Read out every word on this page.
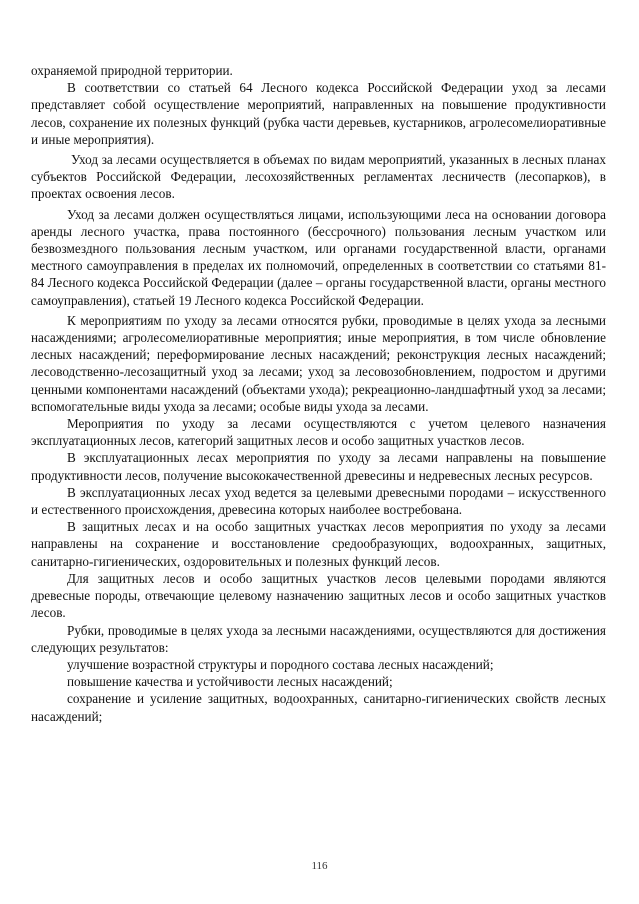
охраняемой природной территории.

В соответствии со статьей 64 Лесного кодекса Российской Федерации уход за лесами представляет собой осуществление мероприятий, направленных на повышение продуктивности лесов, сохранение их полезных функций (рубка части деревьев, кустарников, агролесомелиоративные и иные мероприятия).

Уход за лесами осуществляется в объемах по видам мероприятий, указанных в лесных планах субъектов Российской Федерации, лесохозяйственных регламентах лесничеств (лесопарков), в проектах освоения лесов.

Уход за лесами должен осуществляться лицами, использующими леса на основании договора аренды лесного участка, права постоянного (бессрочного) пользования лесным участком или безвозмездного пользования лесным участком, или органами государственной власти, органами местного самоуправления в пределах их полномочий, определенных в соответствии со статьями 81-84 Лесного кодекса Российской Федерации (далее – органы государственной власти, органы местного самоуправления), статьей 19 Лесного кодекса Российской Федерации.

К мероприятиям по уходу за лесами относятся рубки, проводимые в целях ухода за лесными насаждениями; агролесомелиоративные мероприятия; иные мероприятия, в том числе обновление лесных насаждений; переформирование лесных насаждений; реконструкция лесных насаждений; лесоводственно-лесозащитный уход за лесами; уход за лесовозобновлением, подростом и другими ценными компонентами насаждений (объектами ухода); рекреационно-ландшафтный уход за лесами; вспомогательные виды ухода за лесами; особые виды ухода за лесами.

Мероприятия по уходу за лесами осуществляются с учетом целевого назначения эксплуатационных лесов, категорий защитных лесов и особо защитных участков лесов.

В эксплуатационных лесах мероприятия по уходу за лесами направлены на повышение продуктивности лесов, получение высококачественной древесины и недревесных лесных ресурсов.

В эксплуатационных лесах уход ведется за целевыми древесными породами – искусственного и естественного происхождения, древесина которых наиболее востребована.

В защитных лесах и на особо защитных участках лесов мероприятия по уходу за лесами направлены на сохранение и восстановление средообразующих, водоохранных, защитных, санитарно-гигиенических, оздоровительных и полезных функций лесов.

Для защитных лесов и особо защитных участков лесов целевыми породами являются древесные породы, отвечающие целевому назначению защитных лесов и особо защитных участков лесов.

Рубки, проводимые в целях ухода за лесными насаждениями, осуществляются для достижения следующих результатов:

улучшение возрастной структуры и породного состава лесных насаждений;

повышение качества и устойчивости лесных насаждений;

сохранение и усиление защитных, водоохранных, санитарно-гигиенических свойств лесных насаждений;

116
